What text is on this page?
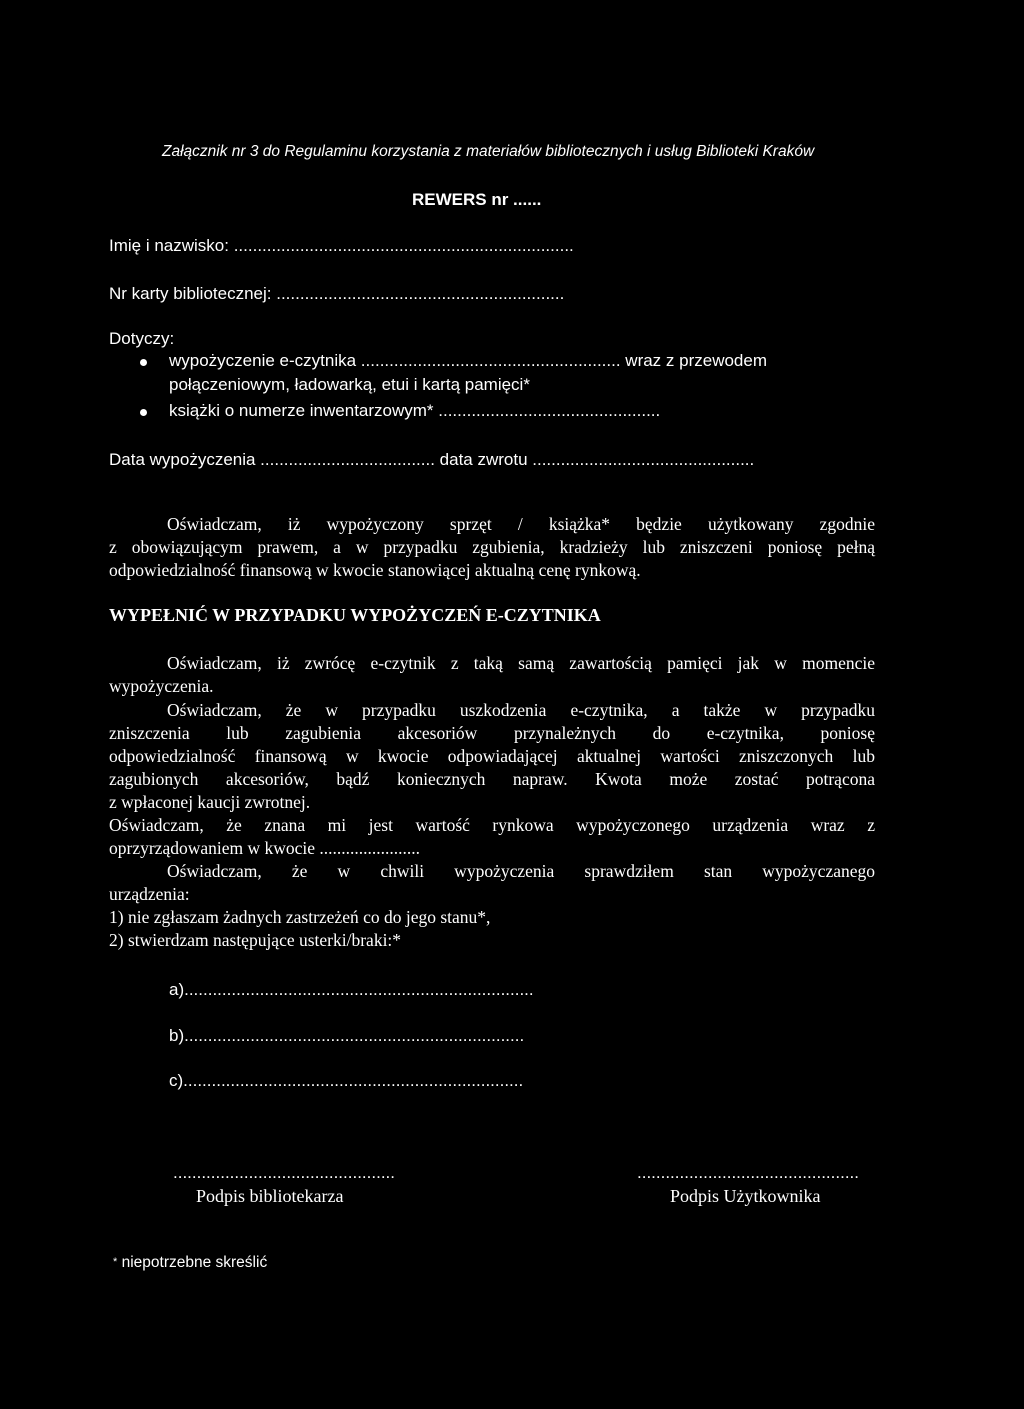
Załącznik nr 3 do Regulaminu korzystania z materiałów bibliotecznych i usług Biblioteki Kraków
REWERS nr ......
Imię i nazwisko: ........................................................................
Nr karty bibliotecznej: .............................................................
Dotyczy:
wypożyczenie e-czytnika ....................................................... wraz z przewodem
połączeniowym, ładowarką, etui i kartą pamięci*
książki o numerze inwentarzowym* ...............................................
Data wypożyczenia ..................................... data zwrotu ...............................................
Oświadczam, iż wypożyczony sprzęt / książka* będzie użytkowany zgodnie
z obowiązującym prawem, a w przypadku zgubienia, kradzieży lub zniszczeni poniosę pełną
odpowiedzialność finansową w kwocie stanowiącej aktualną cenę rynkową.
WYPEŁNIĆ W PRZYPADKU WYPOŻYCZEŃ E-CZYTNIKA
Oświadczam, iż zwrócę e-czytnik z taką samą zawartością pamięci jak w momencie
wypożyczenia.
Oświadczam, że w przypadku uszkodzenia e-czytnika, a także w przypadku
zniszczenia lub zagubienia akcesoriów przynależnych do e-czytnika, poniosę
odpowiedzialność finansową w kwocie odpowiadającej aktualnej wartości zniszczonych lub
zagubionych akcesoriów, bądź koniecznych napraw. Kwota może zostać potrącona
z wpłaconej kaucji zwrotnej.
Oświadczam, że znana mi jest wartość rynkowa wypożyczonego urządzenia wraz z
oprzyrządowaniem w kwocie .......................
Oświadczam, że w chwili wypożyczenia sprawdziłem stan wypożyczanego
urządzenia:
1) nie zgłaszam żadnych zastrzeżeń co do jego stanu*,
2) stwierdzam następujące usterki/braki:*
a)..........................................................................
b)........................................................................
c)........................................................................
...............................................	...............................................
Podpis bibliotekarza	Podpis Użytkownika
* niepotrzebne skreślić
